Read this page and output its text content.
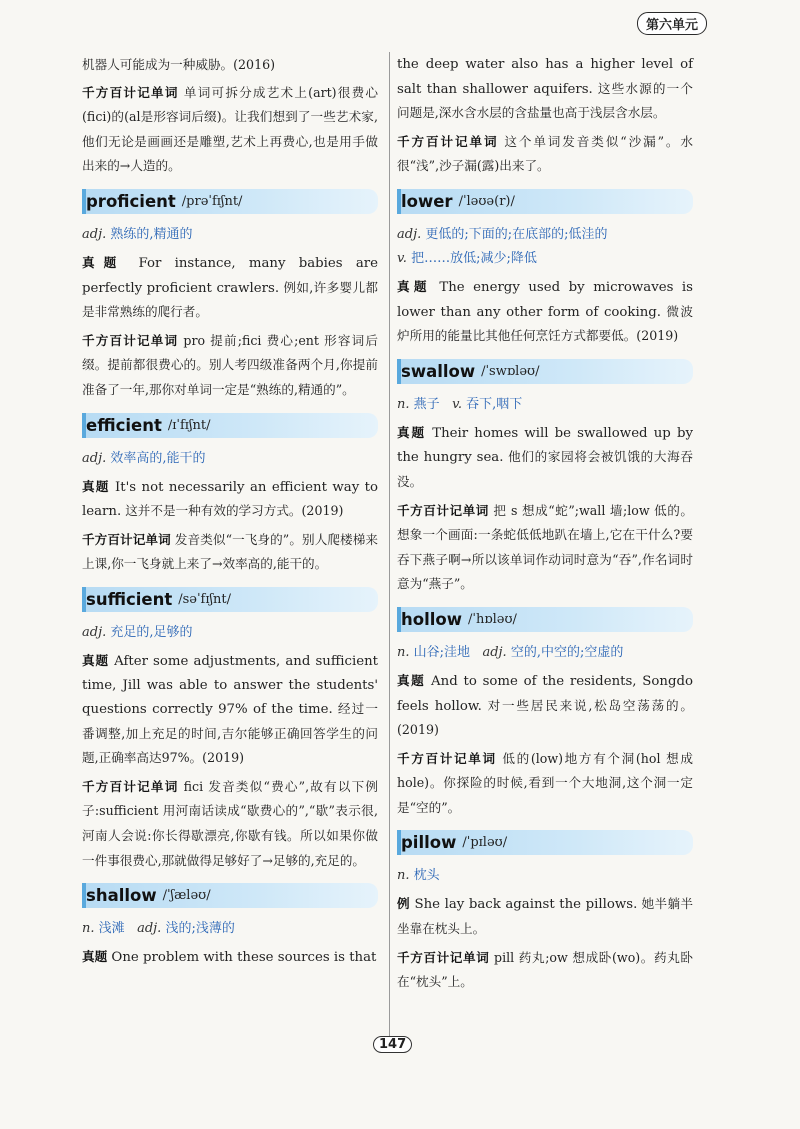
第六单元

机器人可能成为一种威胁。(2016)

千方百计记单词 单词可拆分成艺术上(art)很费心(fici)的(al是形容词后缀)。让我们想到了一些艺术家,他们无论是画画还是雕塑,艺术上再费心,也是用手做出来的→人造的。

proficient /prəˈfɪʃnt/

adj. 熟练的,精通的

真题 For instance, many babies are perfectly proficient crawlers. 例如,许多婴儿都是非常熟练的爬行者。

千方百计记单词 pro 提前;fici 费心;ent 形容词后缀。提前都很费心的。别人考四级准备两个月,你提前准备了一年,那你对单词一定是“熟练的,精通的”。

efficient /ɪˈfɪʃnt/

adj. 效率高的,能干的

真题 It's not necessarily an efficient way to learn. 这并不是一种有效的学习方式。(2019)

千方百计记单词 发音类似“一飞身的”。别人爬楼梯来上课,你一飞身就上来了→效率高的,能干的。

sufficient /səˈfɪʃnt/

adj. 充足的,足够的

真题 After some adjustments, and sufficient time, Jill was able to answer the students' questions correctly 97% of the time. 经过一番调整,加上充足的时间,吉尔能够正确回答学生的问题,正确率高达97%。(2019)

千方百计记单词 fici 发音类似“费心”,故有以下例子:sufficient 用河南话读成“歇费心的”,“歇”表示很,河南人会说:你长得歇漂亮,你歇有钱。所以如果你做一件事很费心,那就做得足够好了→足够的,充足的。

shallow /ˈʃæləʊ/

n. 浅滩 adj. 浅的;浅薄的

真题 One problem with these sources is that

the deep water also has a higher level of salt than shallower aquifers. 这些水源的一个问题是,深水含水层的含盐量也高于浅层含水层。

千方百计记单词 这个单词发音类似“沙漏”。水很“浅”,沙子漏(露)出来了。

lower /ˈləʊə(r)/

adj. 更低的;下面的;在底部的;低洼的

v. 把……放低;减少;降低

真题 The energy used by microwaves is lower than any other form of cooking. 微波炉所用的能量比其他任何烹饪方式都要低。(2019)

swallow /ˈswɒləʊ/

n. 燕子 v. 吞下,咽下

真题 Their homes will be swallowed up by the hungry sea. 他们的家园将会被饥饿的大海吞没。

千方百计记单词 把 s 想成“蛇”;wall 墙;low 低的。想象一个画面:一条蛇低低地趴在墙上,它在干什么?要吞下燕子啊→所以该单词作动词时意为“吞”,作名词时意为“燕子”。

hollow /ˈhɒləʊ/

n. 山谷;洼地 adj. 空的,中空的;空虚的

真题 And to some of the residents, Songdo feels hollow. 对一些居民来说,松岛空荡荡的。(2019)

千方百计记单词 低的(low)地方有个洞(hol 想成 hole)。你探险的时候,看到一个大地洞,这个洞一定是“空的”。

pillow /ˈpɪləʊ/

n. 枕头

例 She lay back against the pillows. 她半躺半坐靠在枕头上。

千方百计记单词 pill 药丸;ow 想成卧(wo)。药丸卧在“枕头”上。

147
